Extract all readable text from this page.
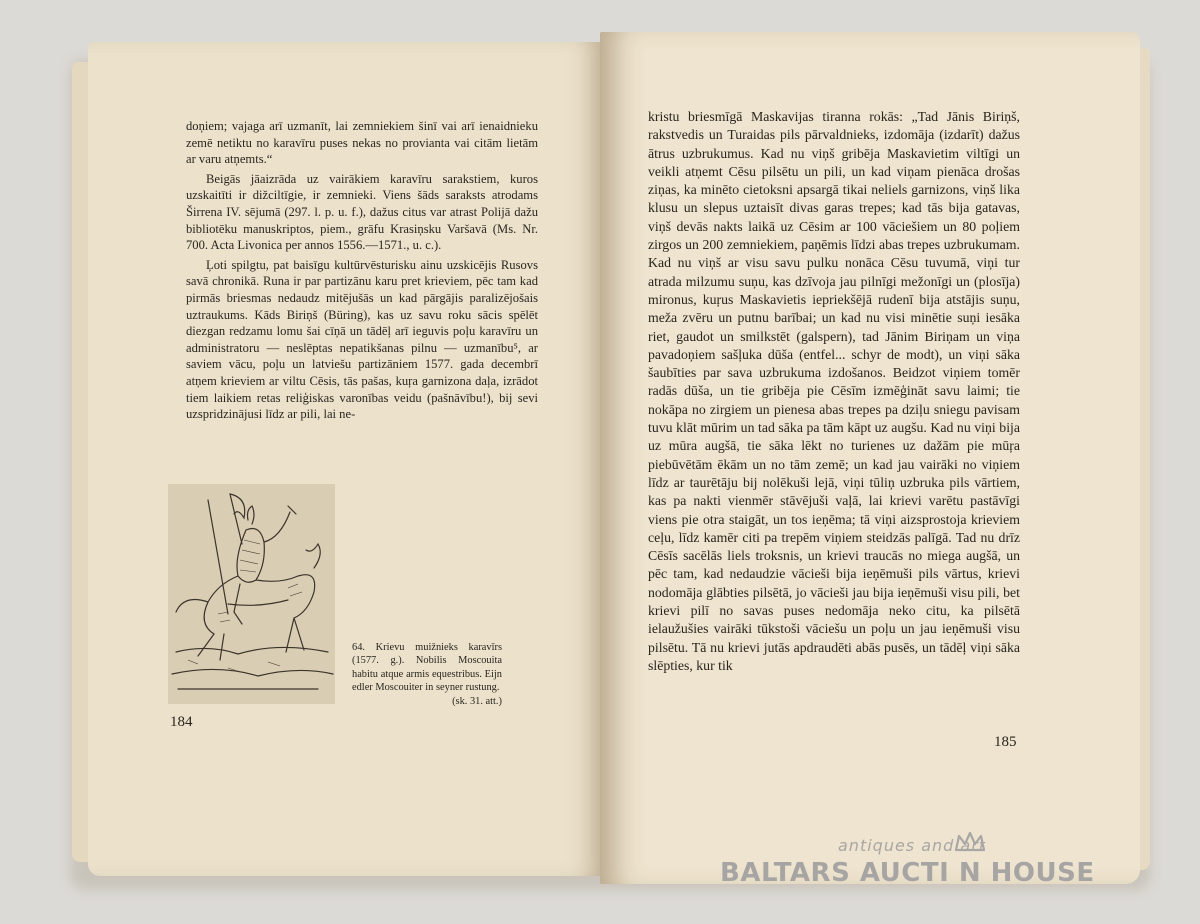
doņiem; vajaga arī uzmanīt, lai zemniekiem šinī vai arī ienaidnieku zemē netiktu no karavīru puses nekas no provianta vai citām lietām ar varu atņemts.“

Beigās jāaizrāda uz vairākiem karavīru sarakstiem, kuros uzskaitīti ir dižciltīgie, ir zemnieki. Viens šāds saraksts atrodams Širrena IV. sējumā (297. l. p. u. f.), dažus citus var atrast Polijā dažu bibliotēku manuskriptos, piem., grāfu Krasiņsku Varšavā (Ms. Nr. 700. Acta Livonica per annos 1556.—1571., u. c.).

Ļoti spilgtu, pat baisīgu kultūrvēsturisku ainu uzskicējis Rusovs savā chronikā. Runa ir par partizānu karu pret krieviem, pēc tam kad pirmās briesmas nedaudz mitējušās un kad pārgājis paralizējošais uztraukums. Kāds Biriņš (Büring), kas uz savu roku sācis spēlēt diezgan redzamu lomu šai cīņā un tādēļ arī ieguvis poļu karavīru un administratoru — neslēptas nepatikšanas pilnu — uzmanību⁵, ar saviem vācu, poļu un latviešu partizāniem 1577. gada decembrī atņem krieviem ar viltu Cēsis, tās pašas, kuŗa garnizona daļa, izrādot tiem laikiem retas reliģiskas varonības veidu (pašnāvību!), bij sevi uzspridzinājusi līdz ar pili, lai ne-

64. Krievu muižnieks karavīrs (1577. g.). Nobilis Moscouita habitu atque armis equestribus. Eijn edler Moscouiter in seyner rustung.
(sk. 31. att.)
184

kristu briesmīgā Maskavijas tiranna rokās: „Tad Jānis Biriņš, rakstvedis un Turaidas pils pārvaldnieks, izdomāja (izdarīt) dažus ātrus uzbrukumus. Kad nu viņš gribēja Maskavietim viltīgi un veikli atņemt Cēsu pilsētu un pili, un kad viņam pienāca drošas ziņas, ka minēto cietoksni apsargā tikai neliels garnizons, viņš lika klusu un slepus uztaisīt divas garas trepes; kad tās bija gatavas, viņš devās nakts laikā uz Cēsim ar 100 vāciešiem un 80 poļiem zirgos un 200 zemniekiem, paņēmis līdzi abas trepes uzbrukumam. Kad nu viņš ar visu savu pulku nonāca Cēsu tuvumā, viņi tur atrada milzumu suņu, kas dzīvoja jau pilnīgi mežonīgi un (plosīja) mironus, kuŗus Maskavietis iepriekšējā rudenī bija atstājis suņu, meža zvēru un putnu barībai; un kad nu visi minētie suņi iesāka riet, gaudot un smilkstēt (galspern), tad Jānim Biriņam un viņa pavadoņiem sašļuka dūša (entfel... schyr de modt), un viņi sāka šaubīties par sava uzbrukuma izdošanos. Beidzot viņiem tomēr radās dūša, un tie gribēja pie Cēsīm izmēģināt savu laimi; tie nokāpa no zirgiem un pienesa abas trepes pa dziļu sniegu pavisam tuvu klāt mūrim un tad sāka pa tām kāpt uz augšu. Kad nu viņi bija uz mūra augšā, tie sāka lēkt no turienes uz dažām pie mūŗa piebūvētām ēkām un no tām zemē; un kad jau vairāki no viņiem līdz ar taurētāju bij nolēkuši lejā, viņi tūliņ uzbruka pils vārtiem, kas pa nakti vienmēr stāvējuši vaļā, lai krievi varētu pastāvīgi viens pie otra staigāt, un tos ieņēma; tā viņi aizsprostoja krieviem ceļu, līdz kamēr citi pa trepēm viņiem steidzās palīgā. Tad nu drīz Cēsīs sacēlās liels troksnis, un krievi traucās no miega augšā, un pēc tam, kad nedaudzie vācieši bija ieņēmuši pils vārtus, krievi nodomāja glābties pilsētā, jo vācieši jau bija ieņēmuši visu pili, bet krievi pilī no savas puses nedomāja neko citu, ka pilsētā ielaužušies vairāki tūkstoši vāciešu un poļu un jau ieņēmuši visu pilsētu. Tā nu krievi jutās apdraudēti abās pusēs, un tādēļ viņi sāka slēpties, kur tik

185
antiques and art
BALTARS AUCTI N HOUSE
